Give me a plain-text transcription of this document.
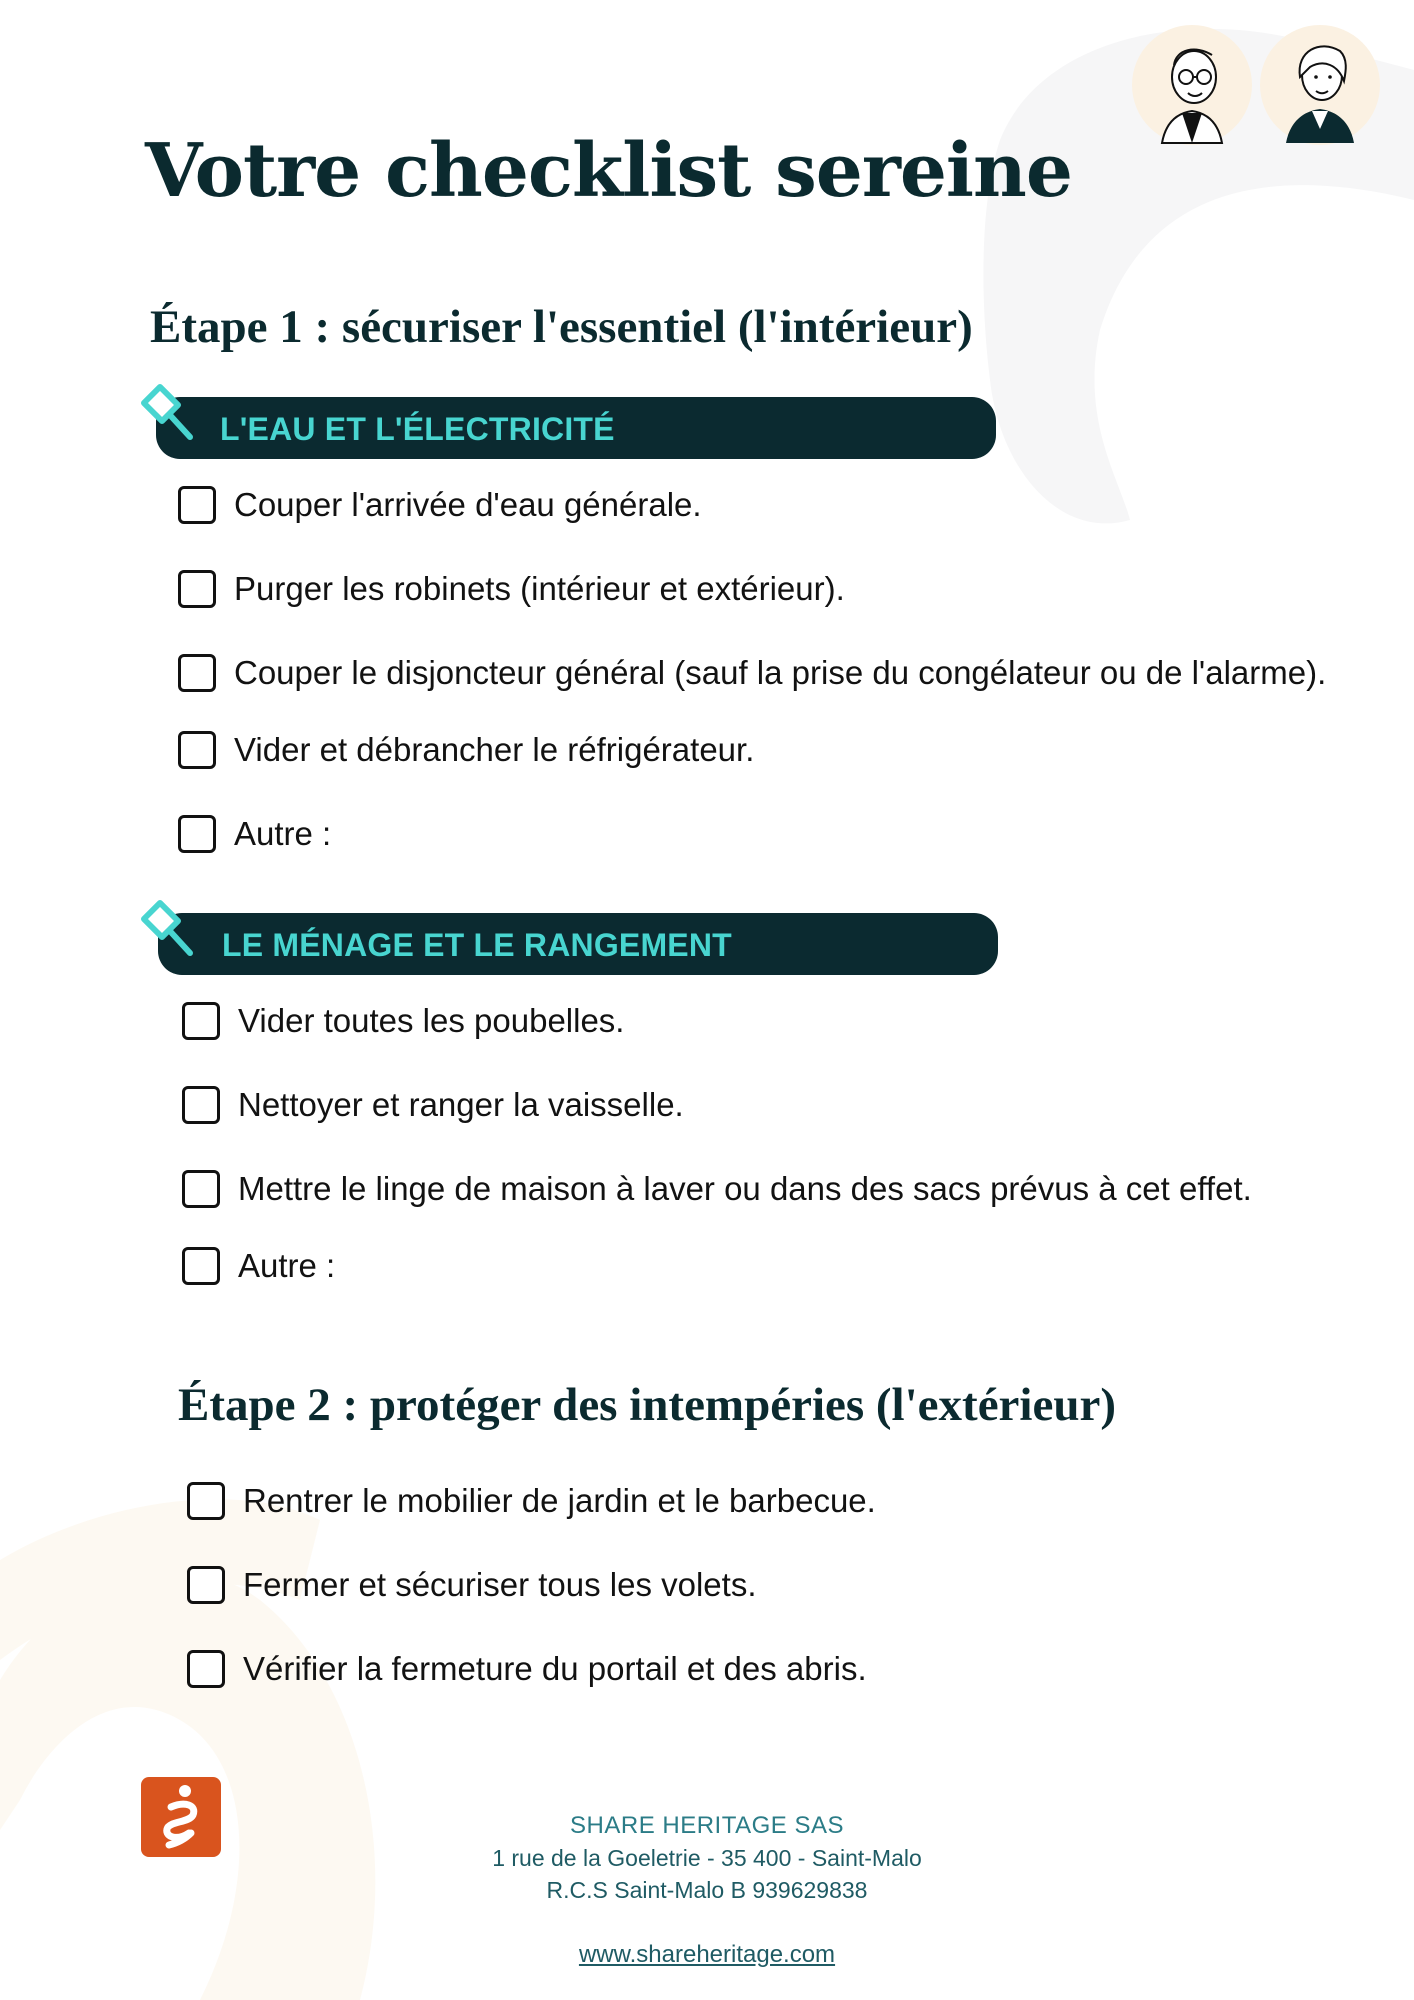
Votre checklist sereine
Étape 1 : sécuriser l'essentiel (l'intérieur)
L'EAU ET L'ÉLECTRICITÉ
Couper l'arrivée d'eau générale.
Purger les robinets (intérieur et extérieur).
Couper le disjoncteur général (sauf la prise du congélateur ou de l'alarme).
Vider et débrancher le réfrigérateur.
Autre :
LE MÉNAGE ET LE RANGEMENT
Vider toutes les poubelles.
Nettoyer et ranger la vaisselle.
Mettre le linge de maison à laver ou dans des sacs prévus à cet effet.
Autre :
Étape 2 : protéger des intempéries (l'extérieur)
Rentrer le mobilier de jardin et le barbecue.
Fermer et sécuriser tous les volets.
Vérifier la fermeture du portail et des abris.
SHARE HERITAGE SAS
1 rue de la Goeletrie - 35 400 - Saint-Malo
R.C.S Saint-Malo B 939629838
www.shareheritage.com
